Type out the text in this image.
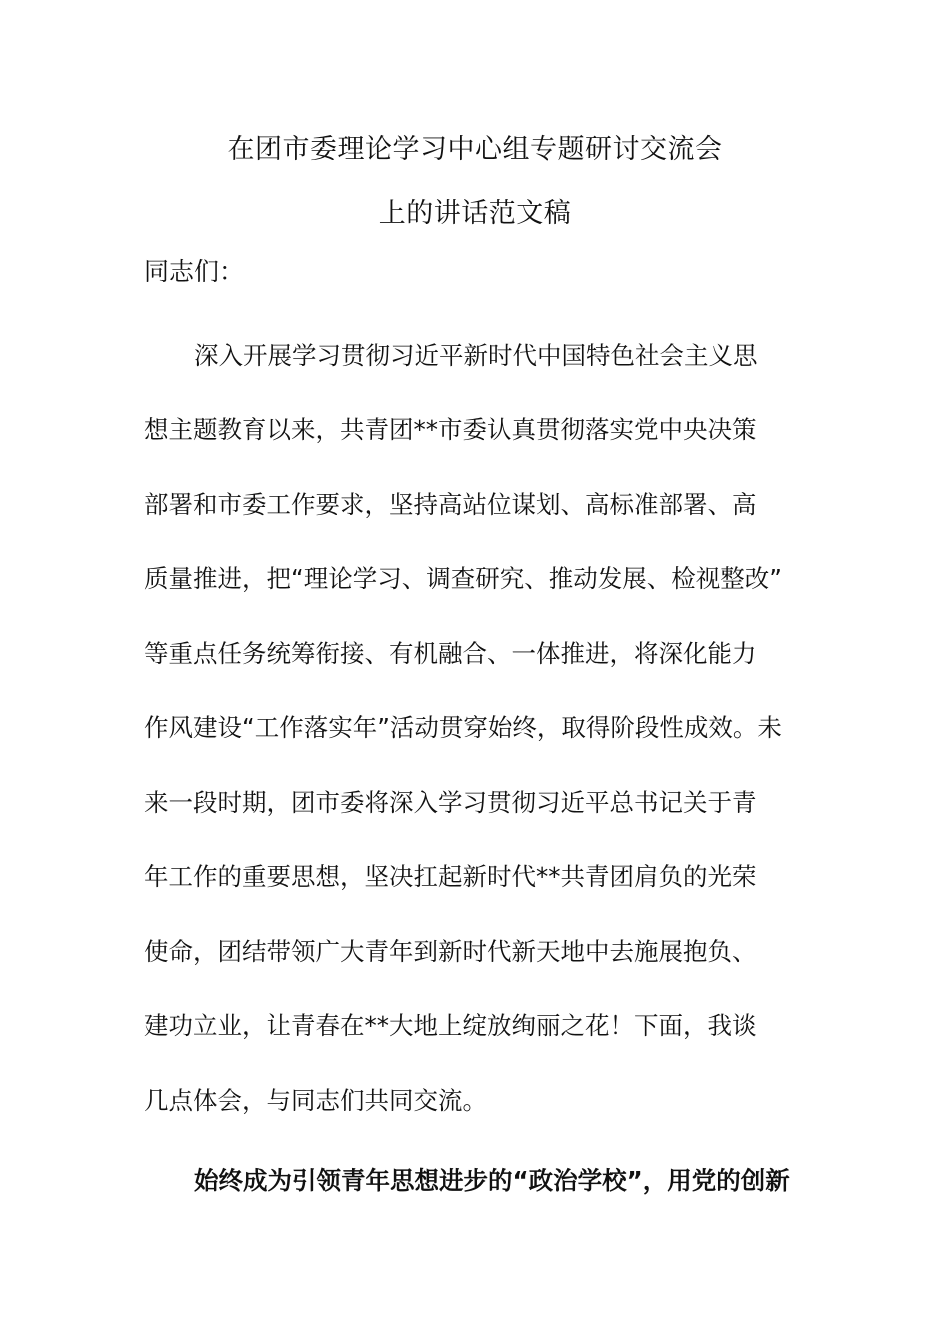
在团市委理论学习中心组专题研讨交流会
上的讲话范文稿
同志们：
深入开展学习贯彻习近平新时代中国特色社会主义思
想主题教育以来，共青团**市委认真贯彻落实党中央决策
部署和市委工作要求，坚持高站位谋划、高标准部署、高
质量推进，把“理论学习、调查研究、推动发展、检视整改”
等重点任务统筹衔接、有机融合、一体推进，将深化能力
作风建设“工作落实年”活动贯穿始终，取得阶段性成效。未
来一段时期，团市委将深入学习贯彻习近平总书记关于青
年工作的重要思想，坚决扛起新时代**共青团肩负的光荣
使命，团结带领广大青年到新时代新天地中去施展抱负、
建功立业，让青春在**大地上绽放绚丽之花！下面，我谈
几点体会，与同志们共同交流。
始终成为引领青年思想进步的“政治学校”，用党的创新
